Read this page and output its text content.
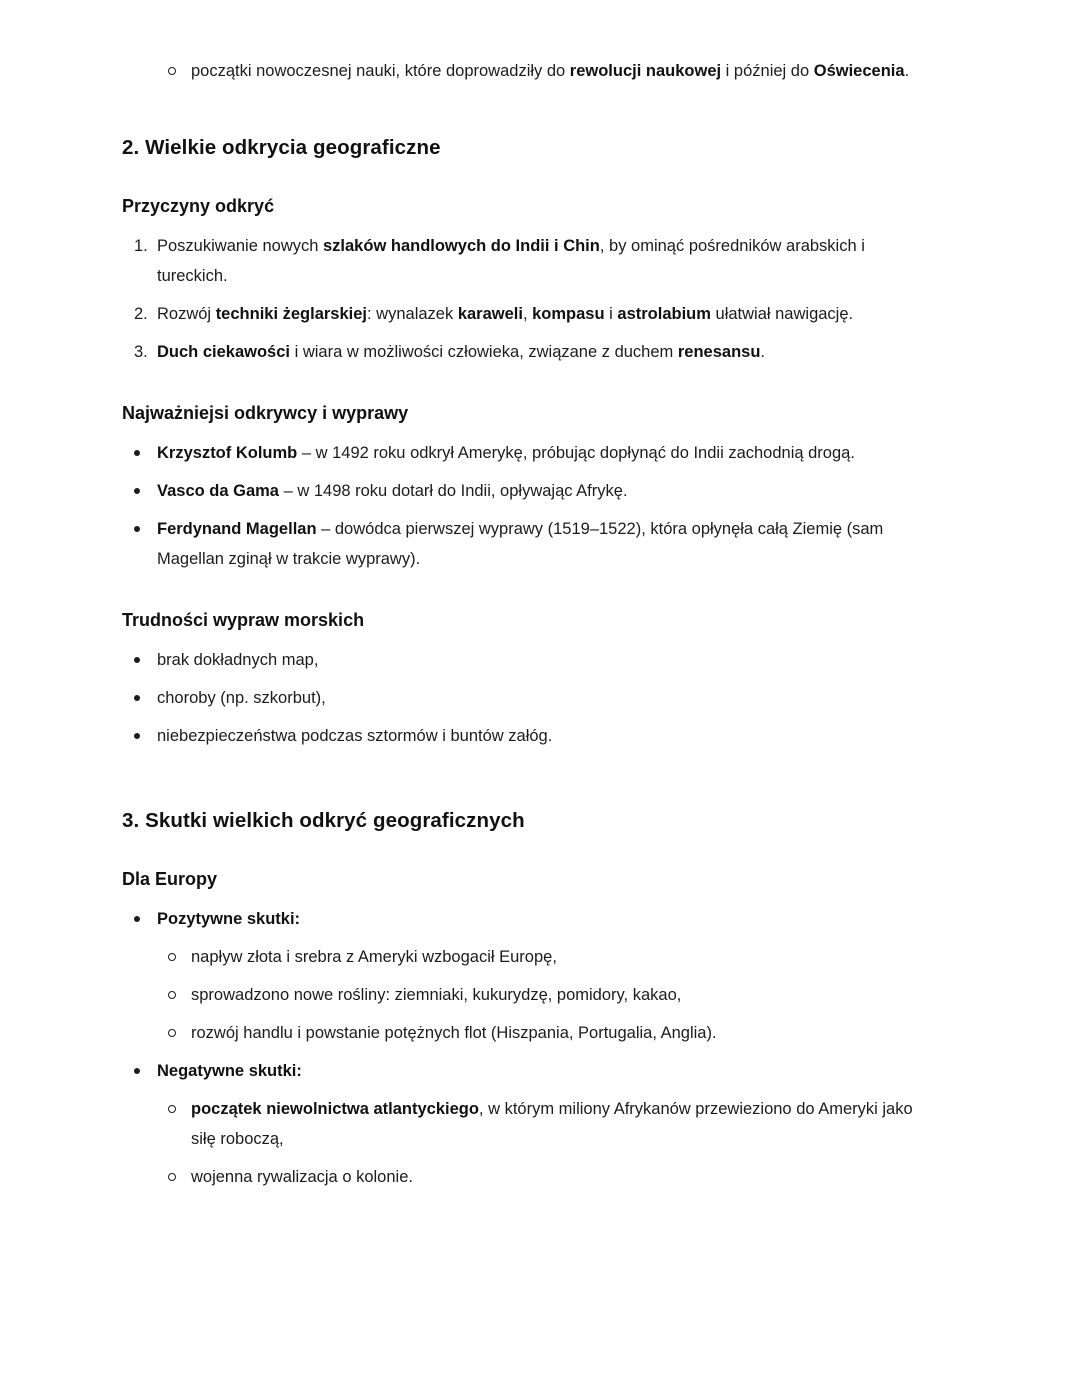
początki nowoczesnej nauki, które doprowadziły do rewolucji naukowej i później do Oświecenia.

2. Wielkie odkrycia geograficzne
Przyczyny odkryć
1. Poszukiwanie nowych szlaków handlowych do Indii i Chin, by ominąć pośredników arabskich i tureckich.

2. Rozwój techniki żeglarskiej: wynalazek karaweli, kompasu i astrolabium ułatwiał nawigację.

3. Duch ciekawości i wiara w możliwości człowieka, związane z duchem renesansu.

Najważniejsi odkrywcy i wyprawy

Krzysztof Kolumb – w 1492 roku odkrył Amerykę, próbując dopłynąć do Indii zachodnią drogą.

Vasco da Gama – w 1498 roku dotarł do Indii, opływając Afrykę.

Ferdynand Magellan – dowódca pierwszej wyprawy (1519–1522), która opłynęła całą Ziemię (sam Magellan zginął w trakcie wyprawy).

Trudności wypraw morskich

brak dokładnych map,

choroby (np. szkorbut),

niebezpieczeństwa podczas sztormów i buntów załóg.

3. Skutki wielkich odkryć geograficznych
Dla Europy

Pozytywne skutki:

napływ złota i srebra z Ameryki wzbogacił Europę,

sprowadzono nowe rośliny: ziemniaki, kukurydzę, pomidory, kakao,

rozwój handlu i powstanie potężnych flot (Hiszpania, Portugalia, Anglia).

Negatywne skutki:

początek niewolnictwa atlantyckiego, w którym miliony Afrykanów przewieziono do Ameryki jako siłę roboczą,

wojenna rywalizacja o kolonie.
